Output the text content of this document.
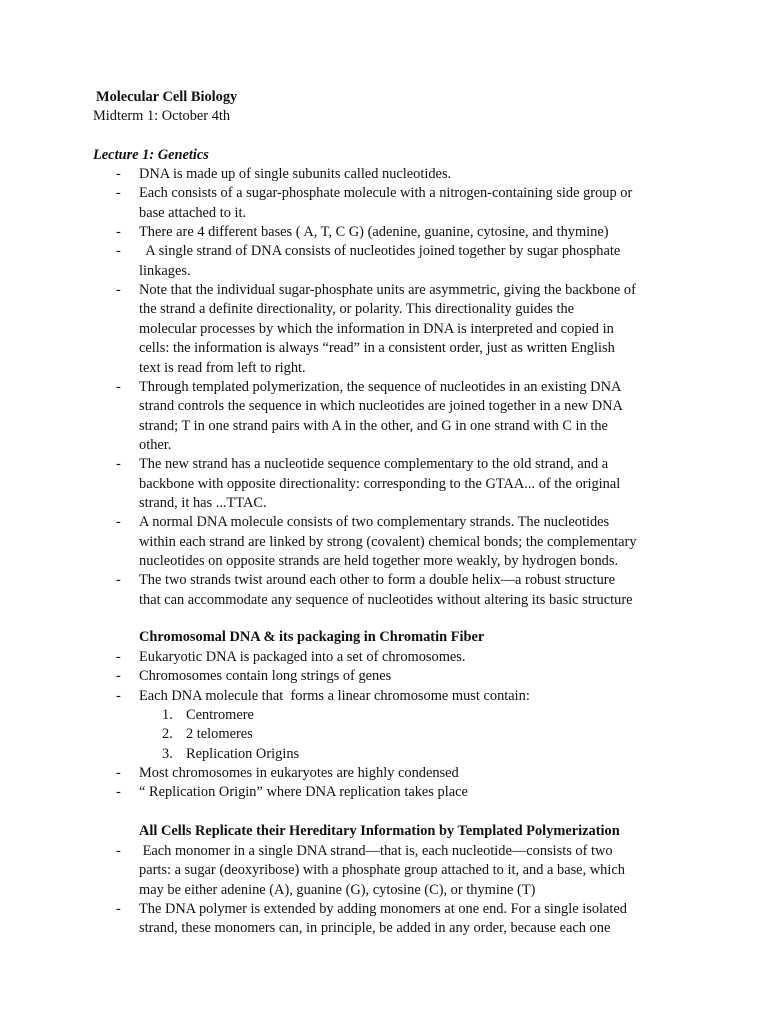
Molecular Cell Biology
Midterm 1: October 4th
Lecture 1: Genetics
- DNA is made up of single subunits called nucleotides.
- Each consists of a sugar-phosphate molecule with a nitrogen-containing side group or
base attached to it.
- There are 4 different bases ( A, T, C G) (adenine, guanine, cytosine, and thymine)
- A single strand of DNA consists of nucleotides joined together by sugar phosphate
linkages.
- Note that the individual sugar-phosphate units are asymmetric, giving the backbone of
the strand a definite directionality, or polarity. This directionality guides the
molecular processes by which the information in DNA is interpreted and copied in
cells: the information is always “read” in a consistent order, just as written English
text is read from left to right.
- Through templated polymerization, the sequence of nucleotides in an existing DNA
strand controls the sequence in which nucleotides are joined together in a new DNA
strand; T in one strand pairs with A in the other, and G in one strand with C in the
other.
- The new strand has a nucleotide sequence complementary to the old strand, and a
backbone with opposite directionality: corresponding to the GTAA... of the original
strand, it has ...TTAC.
- A normal DNA molecule consists of two complementary strands. The nucleotides
within each strand are linked by strong (covalent) chemical bonds; the complementary
nucleotides on opposite strands are held together more weakly, by hydrogen bonds.
- The two strands twist around each other to form a double helix—a robust structure
that can accommodate any sequence of nucleotides without altering its basic structure
Chromosomal DNA & its packaging in Chromatin Fiber
- Eukaryotic DNA is packaged into a set of chromosomes.
- Chromosomes contain long strings of genes
- Each DNA molecule that  forms a linear chromosome must contain:
1. Centromere
2. 2 telomeres
3. Replication Origins
- Most chromosomes in eukaryotes are highly condensed
- “ Replication Origin” where DNA replication takes place
All Cells Replicate their Hereditary Information by Templated Polymerization
- Each monomer in a single DNA strand—that is, each nucleotide—consists of two
parts: a sugar (deoxyribose) with a phosphate group attached to it, and a base, which
may be either adenine (A), guanine (G), cytosine (C), or thymine (T)
- The DNA polymer is extended by adding monomers at one end. For a single isolated
strand, these monomers can, in principle, be added in any order, because each one
